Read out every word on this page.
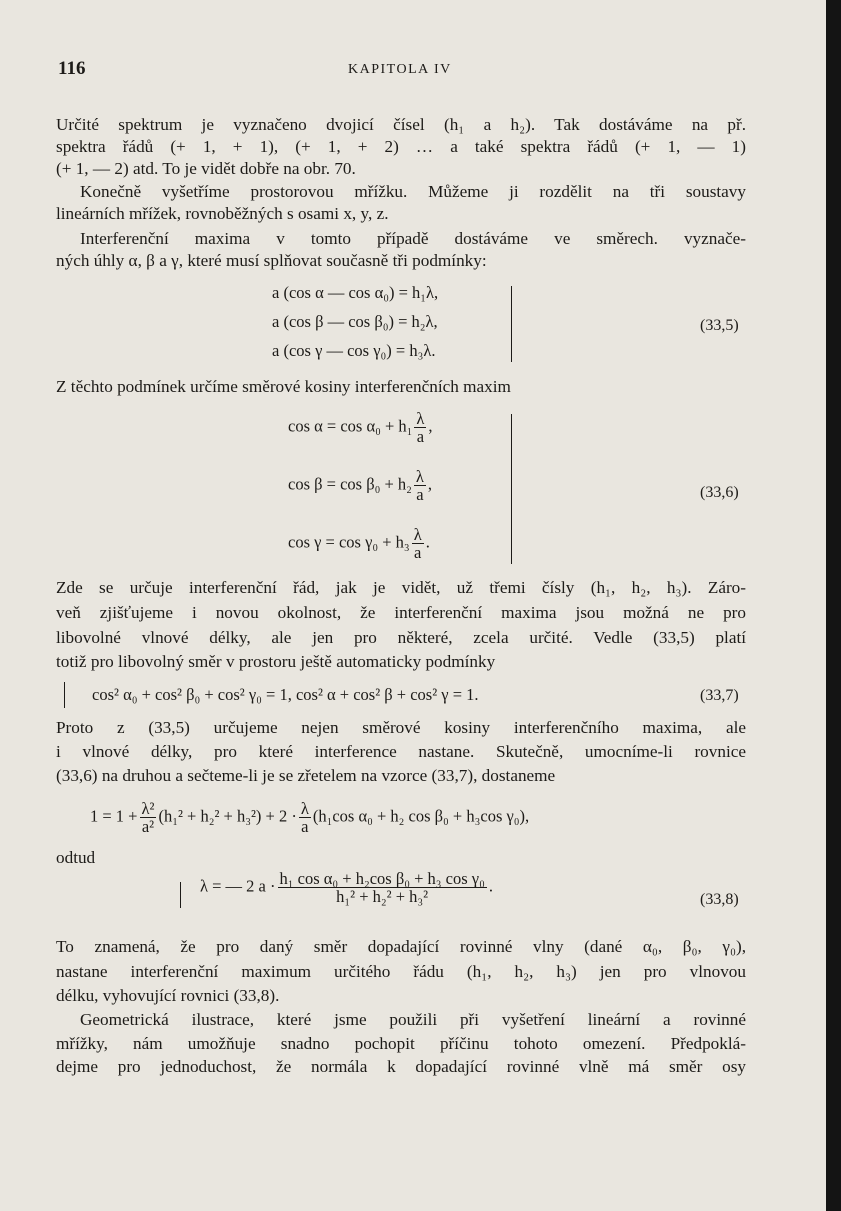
116	KAPITOLA IV
Určité spektrum je vyznačeno dvojicí čísel (h₁ a h₂). Tak dostáváme na př.
spektra řádů (+ 1, + 1), (+ 1, + 2) … a také spektra řádů (+ 1, — 1)
(+ 1, — 2) atd. To je vidět dobře na obr. 70.
Konečně vyšetříme prostorovou mřížku. Můžeme ji rozdělit na tři soustavy
lineárních mřížek, rovnoběžných s osami x, y, z.
Interferenční maxima v tomto případě dostáváme ve směrech. vyznače-
ných úhly α, β a γ, které musí splňovat současně tři podmínky:
a (cos α — cos α₀) = h₁λ,
a (cos β — cos β₀) = h₂λ,
a (cos γ — cos γ₀) = h₃λ.
(33,5)
Z těchto podmínek určíme směrové kosiny interferenčních maxim
$\cos \alpha = \cos \alpha_0 + h_1 \frac{\lambda}{a}$ ,
$\cos \beta = \cos \beta_0 + h_2 \frac{\lambda}{a}$ ,
$\cos \gamma = \cos \gamma_0 + h_3 \frac{\lambda}{a}$ .
(33,6)
Zde se určuje interferenční řád, jak je vidět, už třemi čísly (h₁, h₂, h₃). Záro-
veň zjišťujeme i novou okolnost, že interferenční maxima jsou možná ne pro
libovolné vlnové délky, ale jen pro některé, zcela určité. Vedle (33,5) platí
totiž pro libovolný směr v prostoru ještě automaticky podmínky
cos² α₀ + cos² β₀ + cos² γ₀ = 1, cos² α + cos² β + cos² γ = 1.	(33,7)
Proto z (33,5) určujeme nejen směrové kosiny interferenčního maxima, ale
i vlnové délky, pro které interference nastane. Skutečně, umocníme-li rovnice
(33,6) na druhou a sečteme-li je se zřetelem na vzorce (33,7), dostaneme
$1 = 1 + \frac{\text{λ²}}{\text{a²}} (h_1^2 + h_2^2 + h_3^2) + 2 \cdot \frac{\lambda}{a} (h_1\cos$ α₀ + h₂ cos β₀ + h₃cos γ₀),
odtud
λ = — 2 $a \cdot \frac{\text{h₁ cos α₀ + h₂cos β₀ + h₃ cos γ₀}}{\text{h₁² + h₂² + h₃²}}$ .
(33,8)
To znamená, že pro daný směr dopadající rovinné vlny (dané α₀, β₀, γ₀),
nastane interferenční maximum určitého řádu (h₁, h₂, h₃) jen pro vlnovou
délku, vyhovující rovnici (33,8).
Geometrická ilustrace, které jsme použili při vyšetření lineární a rovinné
mřížky, nám umožňuje snadno pochopit příčinu tohoto omezení. Předpoklá-
dejme pro jednoduchost, že normála k dopadající rovinné vlně má směr osy
